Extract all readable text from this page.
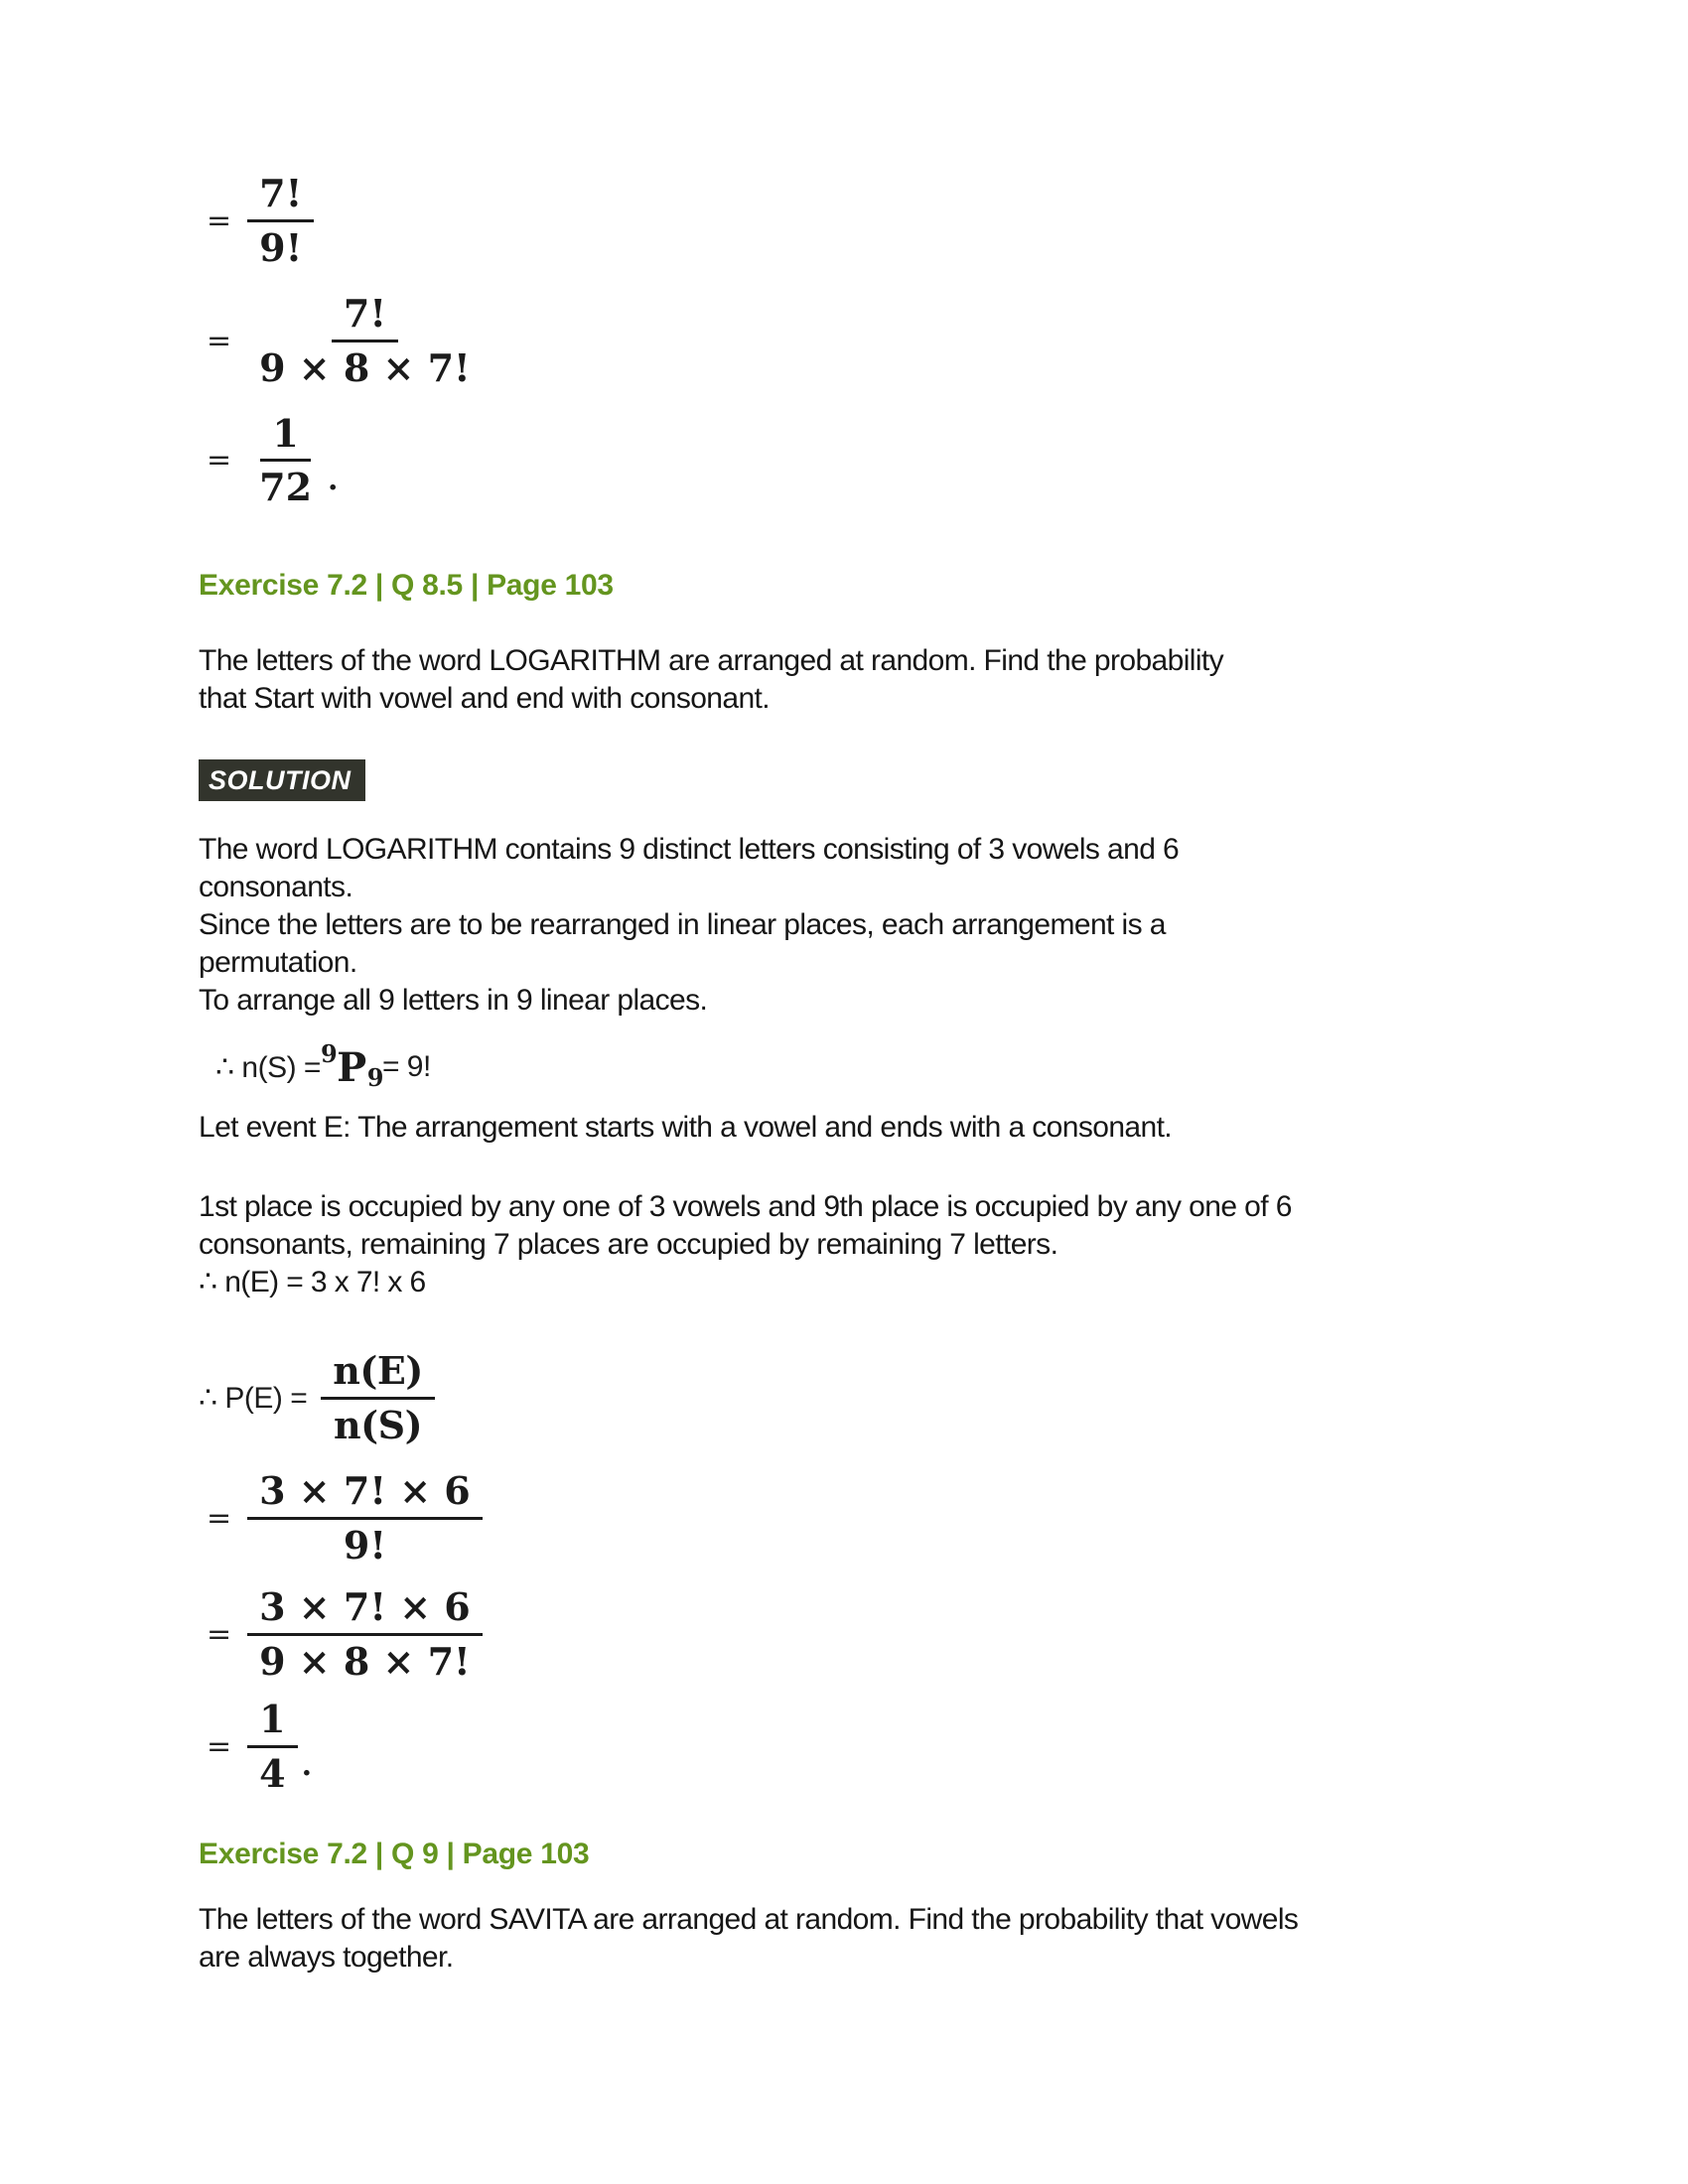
= $\frac{7!}{9!}$
= $\frac{7!}{9 \times 8 \times 7!}$
= $\frac{1}{72}$ .
Exercise 7.2 | Q 8.5 | Page 103
The letters of the word LOGARITHM are arranged at random. Find the probability
that Start with vowel and end with consonant.
SOLUTION
The word LOGARITHM contains 9 distinct letters consisting of 3 vowels and 6
consonants.
Since the letters are to be rearranged in linear places, each arrangement is a
permutation.
To arrange all 9 letters in 9 linear places.
∴ n(S) = 9 P 9 = 9!
Let event E: The arrangement starts with a vowel and ends with a consonant.
1st place is occupied by any one of 3 vowels and 9th place is occupied by any one of 6
consonants, remaining 7 places are occupied by remaining 7 letters.
∴ n(E) = 3 x 7! x 6
∴ $P(E) = \frac{n(E)}{n(S)}$
= $\frac{3 \times 7! \times 6}{9!}$
= $\frac{3 \times 7! \times 6}{9 \times 8 \times 7!}$
= $\frac{1}{4}$ .
Exercise 7.2 | Q 9 | Page 103
The letters of the word SAVITA are arranged at random. Find the probability that vowels
are always together.
